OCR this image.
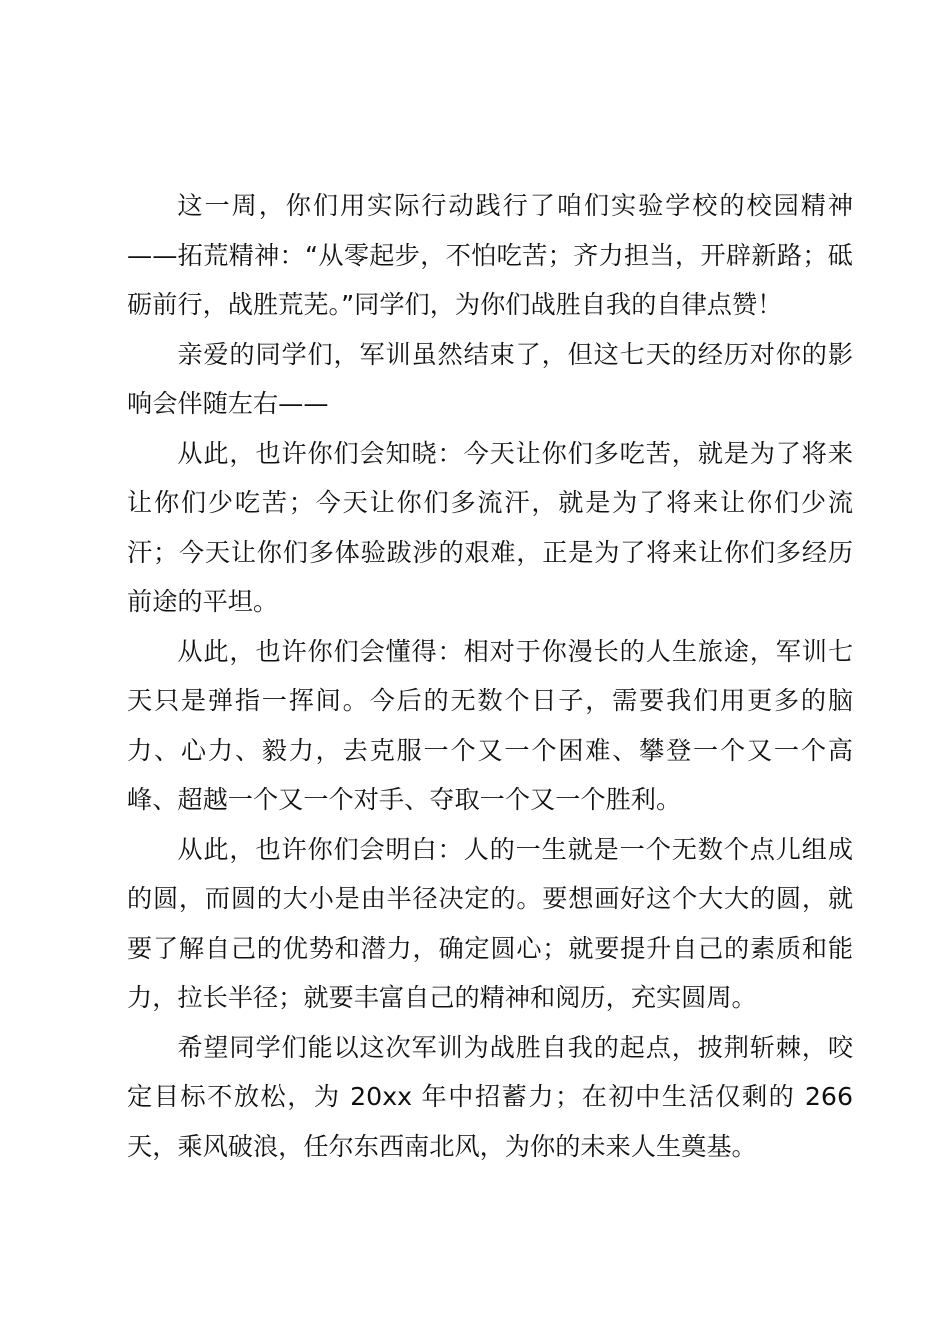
这一周，你们用实际行动践行了咱们实验学校的校园精神——拓荒精神：“从零起步，不怕吃苦；齐力担当，开辟新路；砥砺前行，战胜荒芜。”同学们，为你们战胜自我的自律点赞！

亲爱的同学们，军训虽然结束了，但这七天的经历对你的影响会伴随左右——

从此，也许你们会知晓：今天让你们多吃苦，就是为了将来让你们少吃苦；今天让你们多流汗，就是为了将来让你们少流汗；今天让你们多体验跋涉的艰难，正是为了将来让你们多经历前途的平坦。

从此，也许你们会懂得：相对于你漫长的人生旅途，军训七天只是弹指一挥间。今后的无数个日子，需要我们用更多的脑力、心力、毅力，去克服一个又一个困难、攀登一个又一个高峰、超越一个又一个对手、夺取一个又一个胜利。

从此，也许你们会明白：人的一生就是一个无数个点儿组成的圆，而圆的大小是由半径决定的。要想画好这个大大的圆，就要了解自己的优势和潜力，确定圆心；就要提升自己的素质和能力，拉长半径；就要丰富自己的精神和阅历，充实圆周。

希望同学们能以这次军训为战胜自我的起点，披荆斩棘，咬定目标不放松，为 20xx 年中招蓄力；在初中生活仅剩的 266 天，乘风破浪，任尔东西南北风，为你的未来人生奠基。
